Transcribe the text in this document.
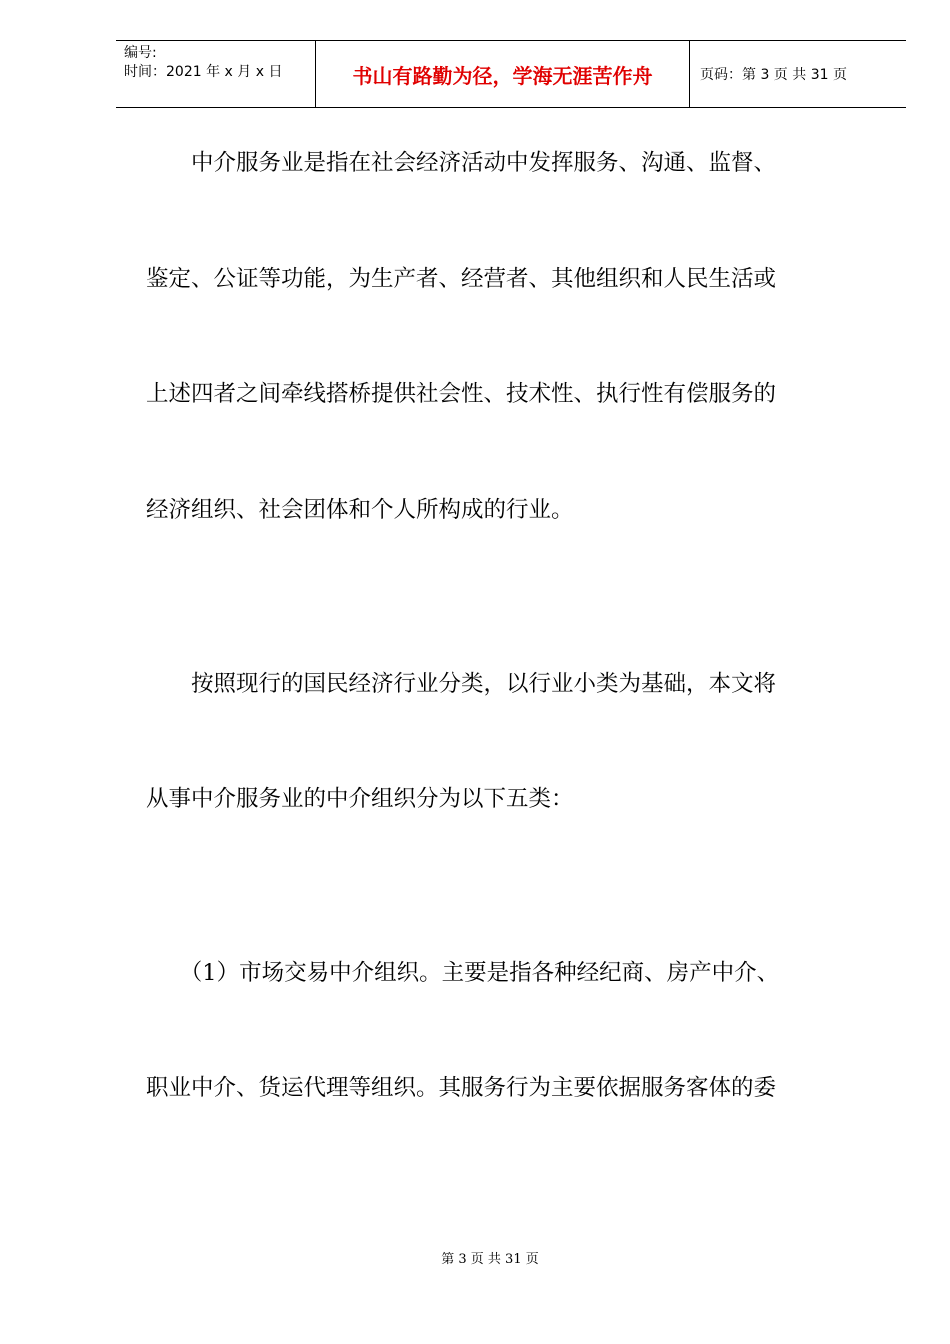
编号:
时间：2021 年 x 月 x 日	书山有路勤为径，学海无涯苦作舟	页码：第 3 页 共 31 页
　　中介服务业是指在社会经济活动中发挥服务、沟通、监督、
鉴定、公证等功能，为生产者、经营者、其他组织和人民生活或
上述四者之间牵线搭桥提供社会性、技术性、执行性有偿服务的
经济组织、社会团体和个人所构成的行业。
　　按照现行的国民经济行业分类，以行业小类为基础，本文将
从事中介服务业的中介组织分为以下五类：
　　（1）市场交易中介组织。主要是指各种经纪商、房产中介、
职业中介、货运代理等组织。其服务行为主要依据服务客体的委
第 3 页 共 31 页
